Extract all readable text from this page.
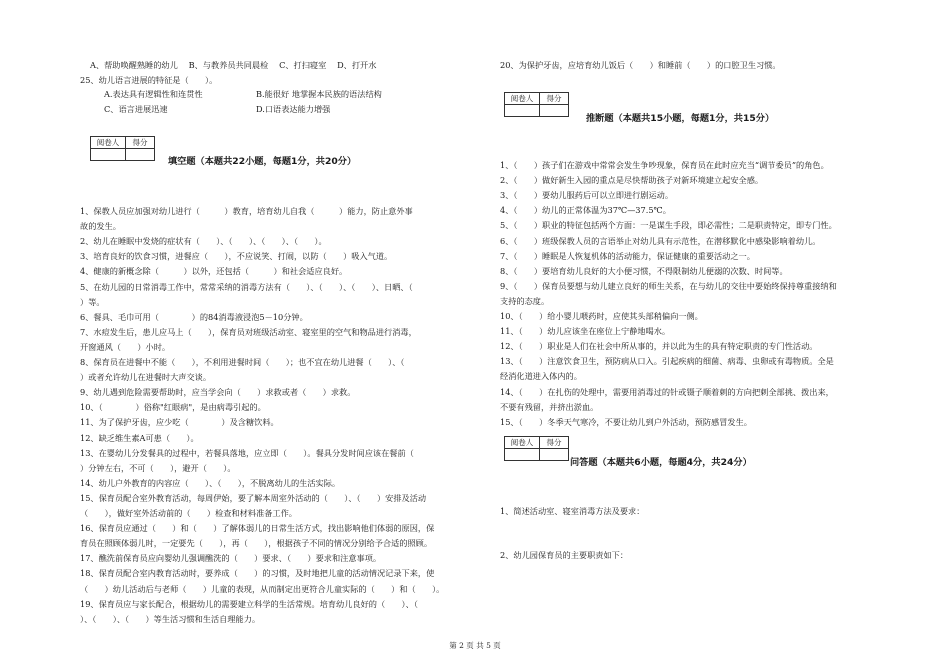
A、帮助唤醒熟睡的幼儿　 B、与教养员共同晨检　 C、打扫寝室　 D、打开水
25、幼儿语言进展的特征是（　　）。
A.表达具有逻辑性和连贯性	B.能很好 地掌握本民族的语法结构
C、语言进展迅速	D.口语表达能力增强
阅卷人	得分

填空题（本题共22小题，每题1分，共20分）
1、保教人员应加强对幼儿进行（　　　）教育，培育幼儿自我（　　　）能力，防止意外事
故的发生。
2、幼儿在睡眠中发烧的症状有（　　）、（　　）、（　　）、（　　）。
3、培育良好的饮食习惯，进餐应（　　），不应说笑、打闹，以防（　　）吸入气道。
4、健康的新概念除（　　　）以外，还包括（　　　）和社会适应良好。
5、在幼儿园的日常消毒工作中，常常采纳的消毒方法有（　　）、（　　）、（　　）、日晒、（　　
）等。
6、餐具、毛巾可用（　　　　）的84消毒液浸泡5－10分钟。
7、水痘发生后，患儿应马上（　　），保育员对班级活动室、寝室里的空气和物品进行消毒，
开窗通风（　　）小时。
8、保育员在进餐中不能（　　），不利用进餐时间（　　）；也不宜在幼儿进餐（　　）、（　　
）或者允许幼儿在进餐时大声交谈。
9、幼儿遇到危险需要帮助时，应当学会向（　　）求救或者（　　）求救。
10、（　　　　）俗称"红眼病"，是由病毒引起的。
11、为了保护牙齿，应少吃（　　　　）及含糖饮料。
12、缺乏维生素A可患（　　）。
13、在婴幼儿分发餐具的过程中，若餐具落地，应立即（　　）。餐具分发时间应该在餐前（　　
）分钟左右，不可（　　），避开（　　）。
14、幼儿户外教育的内容应（　　）、（　　），不脱离幼儿的生活实际。
15、保育员配合室外教育活动，每周伊始，要了解本周室外活动的（　　）、（　　）安排及活动
（　　），做好室外活动前的（　　）检查和材料准备工作。
16、保育员应通过（　　）和（　　）了解体弱儿的日常生活方式，找出影响他们体弱的原因，保
育员在照顾体弱儿时，一定要先（　　），再（　　），根据孩子不同的情况分别给予合适的照顾。
17、醮洗前保育员应向婴幼儿强调醮洗的（　　）要求、（　　）要求和注意事项。
18、保育员配合室内教育活动时，要养成（　　）的习惯，及时地把儿童的活动情况记录下来，使
（　　）幼儿活动后与老师（　　）儿童的表现，从而制定出更符合儿童实际的（　　）和（　　）。
19、保育员应与家长配合，根据幼儿的需要建立科学的生活常规。培育幼儿良好的（　　）、（　　
）、（　　）、（　　）等生活习惯和生活自理能力。
20、为保护牙齿，应培育幼儿饭后（　　）和睡前（　　）的口腔卫生习惯。
阅卷人	得分

推断题（本题共15小题，每题1分，共15分）
1、（　　）孩子们在游戏中常常会发生争吵现象，保育员在此时应充当“调节委员”的角色。
2、（　　）做好新生入园的重点是尽快帮助孩子对新环境建立起安全感。
3、（　　）要幼儿服药后可以立即进行剧运动。
4、（　　）幼儿的正常体温为37℃—37.5℃。
5、（　　）职业的特征包括两个方面：一是谋生手段，即必需性；二是职责特定，即专门性。
6、（　　）班级保教人员的言语举止对幼儿具有示范性，在潜移默化中感染影响着幼儿。
7、（　　）睡眠是人恢复机体的活动能力，保证健康的重要活动之一。
8、（　　）要培育幼儿良好的大小便习惯，不得限制幼儿便溺的次数、时间等。
9、（　　）保育员要想与幼儿建立良好的师生关系，在与幼儿的交往中要始终保持尊重接纳和
支持的态度。
10、（　　）给小婴儿喂药时，应使其头部稍偏向一侧。
11、（　　）幼儿应该坐在座位上宁静地喝水。
12、（　　）职业是人们在社会中所从事的，并以此为生的具有特定职责的专门性活动。
13、（　　）注意饮食卫生，预防病从口入。引起疾病的细菌、病毒、虫卵或有毒物质。全是
经消化道进入体内的。
14、（　　）在扎伤的处理中，需要用消毒过的针或镊子顺着刺的方向把刺全部挑、拨出来，
不要有残留，并挤出淤血。
15、（　　）冬季天气寒冷，不要让幼儿到户外活动，预防感冒发生。
阅卷人	得分

问答题（本题共6小题，每题4分，共24分）
1、简述活动室、寝室消毒方法及要求：
2、幼儿园保育员的主要职责如下：
第 2 页 共 5 页
